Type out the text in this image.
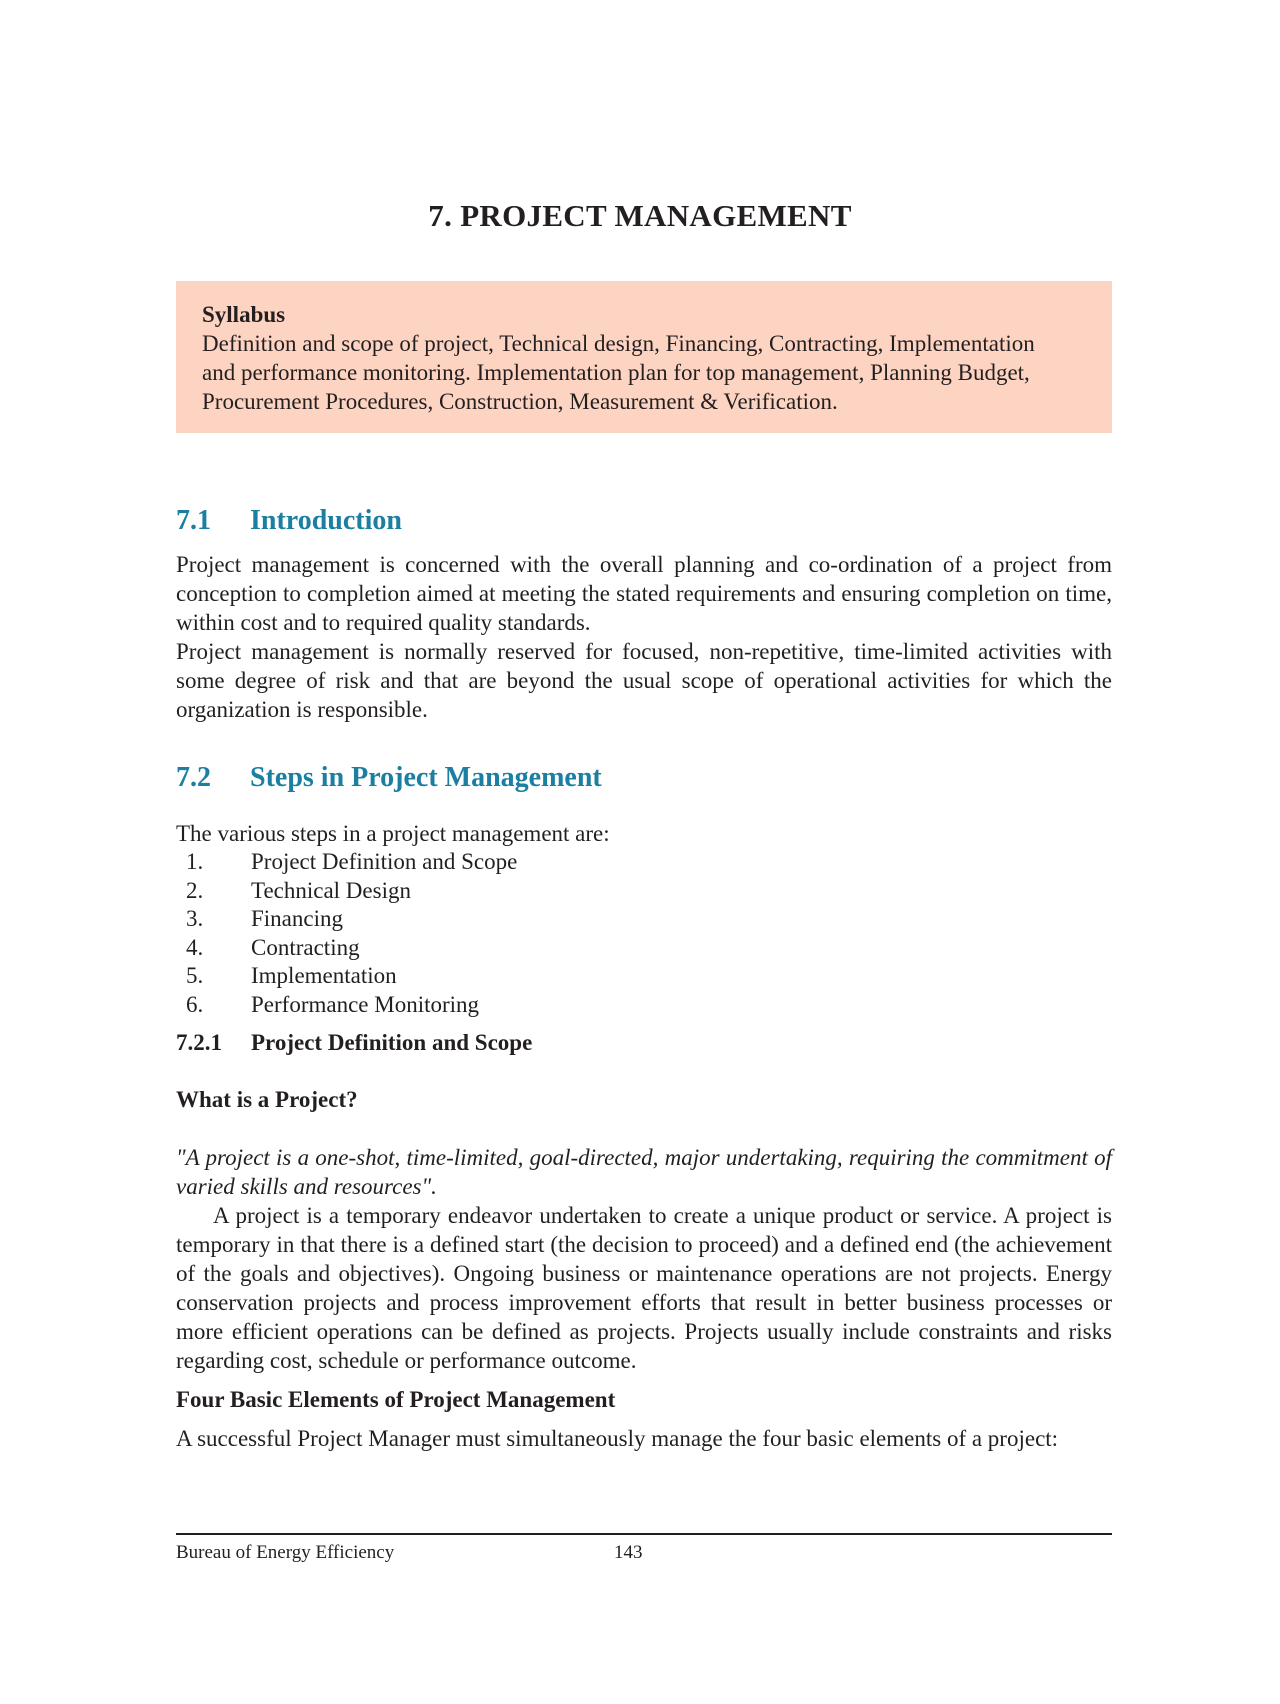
7. PROJECT MANAGEMENT
Syllabus
Definition and scope of project, Technical design, Financing, Contracting, Implementation
and performance monitoring. Implementation plan for top management, Planning Budget,
Procurement Procedures, Construction, Measurement & Verification.
7.1 Introduction

Project management is concerned with the overall planning and co-ordination of a project from conception to completion aimed at meeting the stated requirements and ensuring completion on time, within cost and to required quality standards.

Project management is normally reserved for focused, non-repetitive, time-limited activities with some degree of risk and that are beyond the usual scope of operational activities for which the organization is responsible.

7.2 Steps in Project Management
The various steps in a project management are:
1. Project Definition and Scope
2. Technical Design
3. Financing
4. Contracting
5. Implementation
6. Performance Monitoring
7.2.1 Project Definition and Scope
What is a Project?

"A project is a one-shot, time-limited, goal-directed, major undertaking, requiring the commitment of varied skills and resources".

A project is a temporary endeavor undertaken to create a unique product or service. A project is temporary in that there is a defined start (the decision to proceed) and a defined end (the achievement of the goals and objectives). Ongoing business or maintenance operations are not projects. Energy conservation projects and process improvement efforts that result in better business processes or more efficient operations can be defined as projects. Projects usually include constraints and risks regarding cost, schedule or performance outcome.

Four Basic Elements of Project Management
A successful Project Manager must simultaneously manage the four basic elements of a project:
Bureau of Energy Efficiency	143
